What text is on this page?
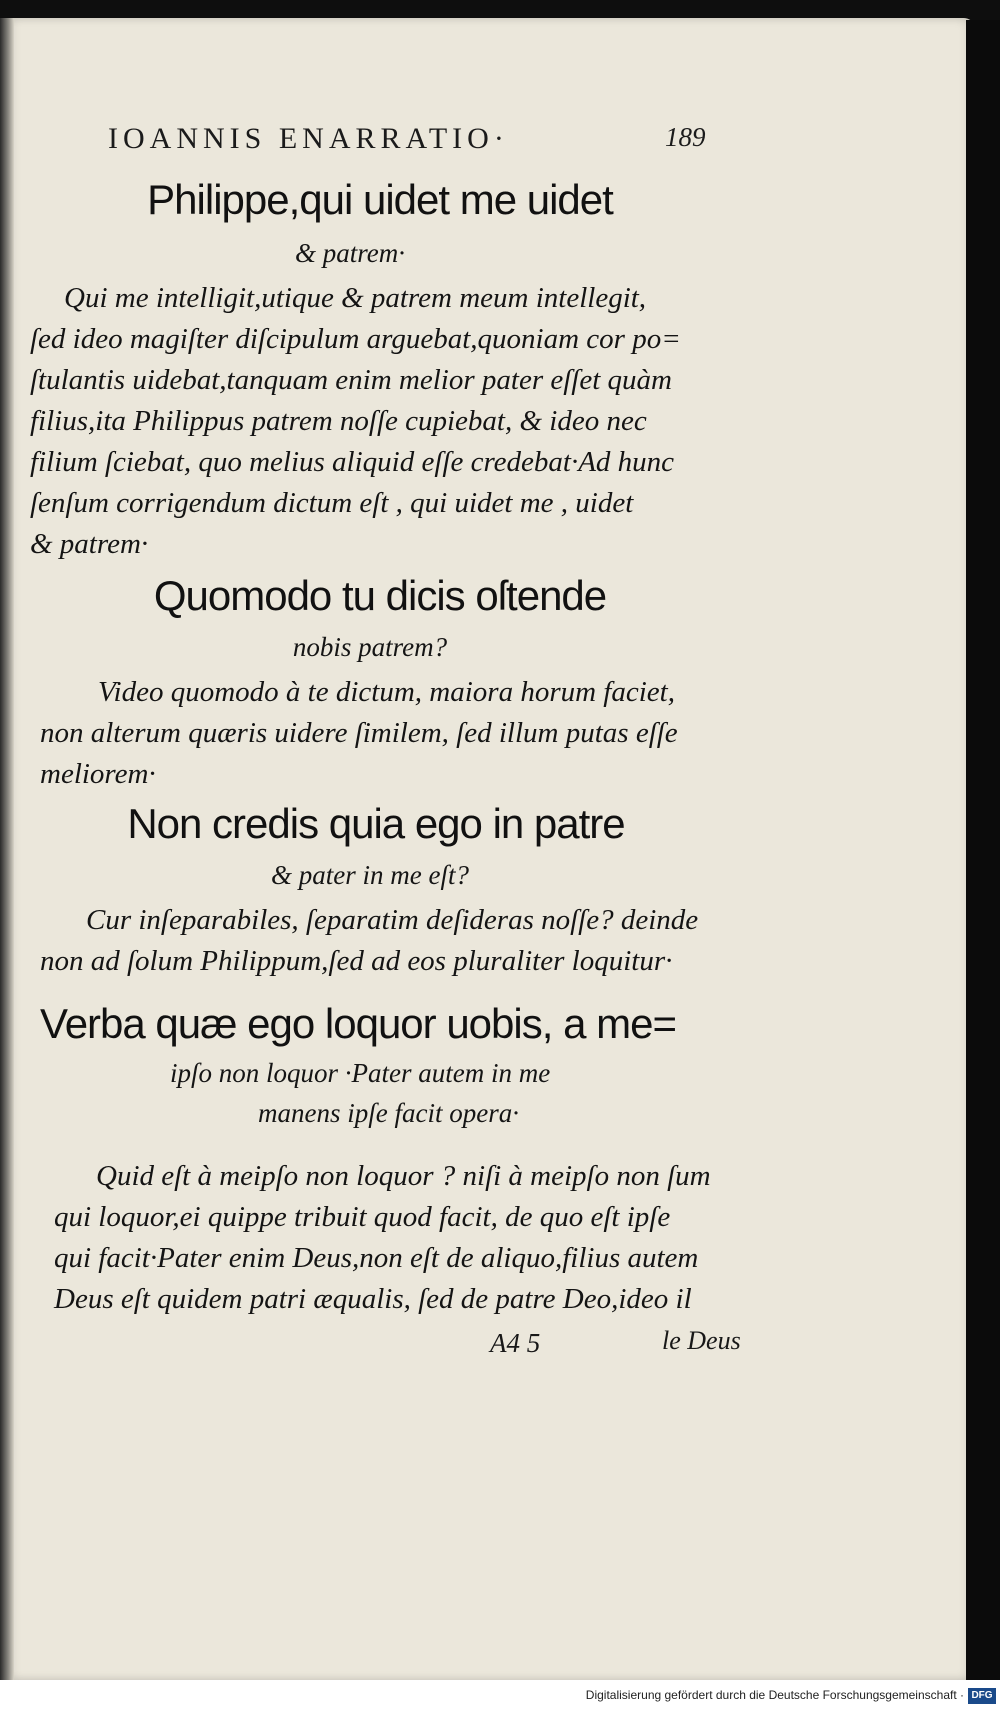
IOANNIS ENARRATIO·	189
Philippe,qui uidet me uidet
& patrem·
Qui me intelligit,utique & patrem meum intellegit,
ſed ideo magiſter diſcipulum arguebat,quoniam cor po=
ſtulantis uidebat,tanquam enim melior pater eſſet quàm
filius,ita Philippus patrem noſſe cupiebat, & ideo nec
filium ſciebat, quo melius aliquid eſſe credebat·Ad hunc
ſenſum corrigendum dictum eſt , qui uidet me , uidet
& patrem·
Quomodo tu dicis oſtende
nobis patrem?
Video quomodo à te dictum, maiora horum faciet,
non alterum quæris uidere ſimilem, ſed illum putas eſſe
meliorem·
Non credis quia ego in patre
& pater in me eſt?
Cur inſeparabiles, ſeparatim deſideras noſſe? deinde
non ad ſolum Philippum,ſed ad eos pluraliter loquitur·
Verba quæ ego loquor uobis, a me=
ipſo non loquor ·Pater autem in me
manens ipſe facit opera·
Quid eſt à meipſo non loquor ? niſi à meipſo non ſum
qui loquor,ei quippe tribuit quod facit, de quo eſt ipſe
qui facit·Pater enim Deus,non eſt de aliquo,filius autem
Deus eſt quidem patri æqualis, ſed de patre Deo,ideo il
A4 5	le Deus
Digitalisierung gefördert durch die Deutsche Forschungsgemeinschaft · DFG
